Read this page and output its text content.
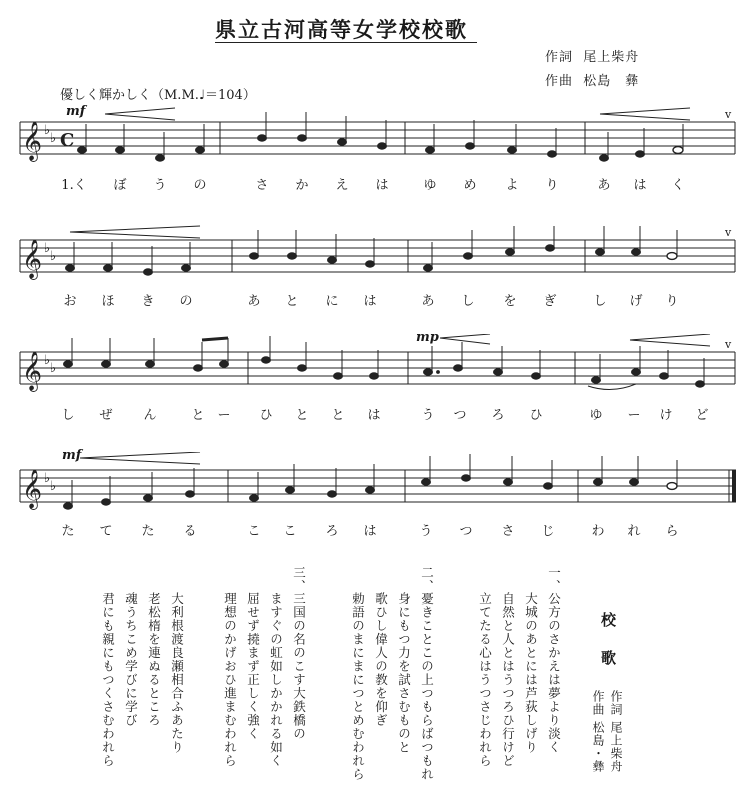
県立古河高等女学校校歌
作詞 尾上柴舟
作曲 松島　彝
優しく輝かしく（M.M.♩＝104）
mf
mf
mp
𝄞 ♭
♭ C
v
𝄞 ♭
♭
v
𝄞 ♭
♭
v
𝄞 ♭
♭
1.く	ぼ	う	の	さ	か	え	は	ゆ	め	よ	り	あ	は	く
お	ほ	き	の	あ	と	に	は	あ	し	を	ぎ	し	げ	り
し	ぜ	ん	と ー	ひ	と	と	は	う	つ	ろ	ひ	ゆ	ー	け	ど
た	て	た	る	こ	こ	ろ	は	う	つ	さ	じ	わ	れ	ら
校
歌
作詞 尾上柴舟
作曲 松島・彝
一、
公方のさかえは夢より淡く
大城のあとには芦荻しげり
自然と人とはうつろひ行けど
立てたる心はうつさじわれら
二、
憂きことこの上つもらばつもれ
身にもつ力を試さむものと
歌ひし偉人の教を仰ぎ
勅語のまにまにつとめむわれら
三、
三国の名のこす大鉄橋の
ますぐの虹如しかかれる如く
屈せず撓まず正しく強く
理想のかげおひ進まむわれら
大利根渡良瀬相合ふあたり
老松楕を連ぬるところ
魂うちこめ学びに学び
君にも親にもつくさむわれら
